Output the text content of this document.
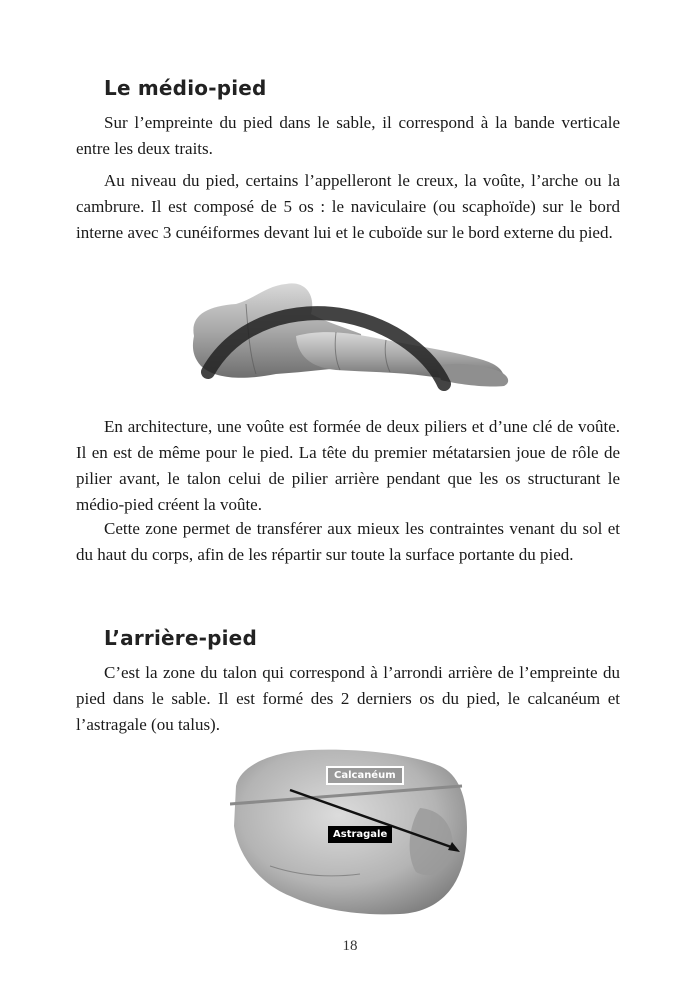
Le médio-pied

Sur l’empreinte du pied dans le sable, il correspond à la bande verticale entre les deux traits.

Au niveau du pied, certains l’appelleront le creux, la voûte, l’arche ou la cambrure. Il est composé de 5 os : le naviculaire (ou scaphoïde) sur le bord interne avec 3 cunéiformes devant lui et le cuboïde sur le bord externe du pied.

En architecture, une voûte est formée de deux piliers et d’une clé de voûte. Il en est de même pour le pied. La tête du premier métatarsien joue de rôle de pilier avant, le talon celui de pilier arrière pendant que les os structurant le médio-pied créent la voûte.

Cette zone permet de transférer aux mieux les contraintes venant du sol et du haut du corps, afin de les répartir sur toute la surface portante du pied.

L’arrière-pied

C’est la zone du talon qui correspond à l’arrondi arrière de l’empreinte du pied dans le sable. Il est formé des 2 derniers os du pied, le calcanéum et l’astragale (ou talus).

Calcanéum
Astragale
18
